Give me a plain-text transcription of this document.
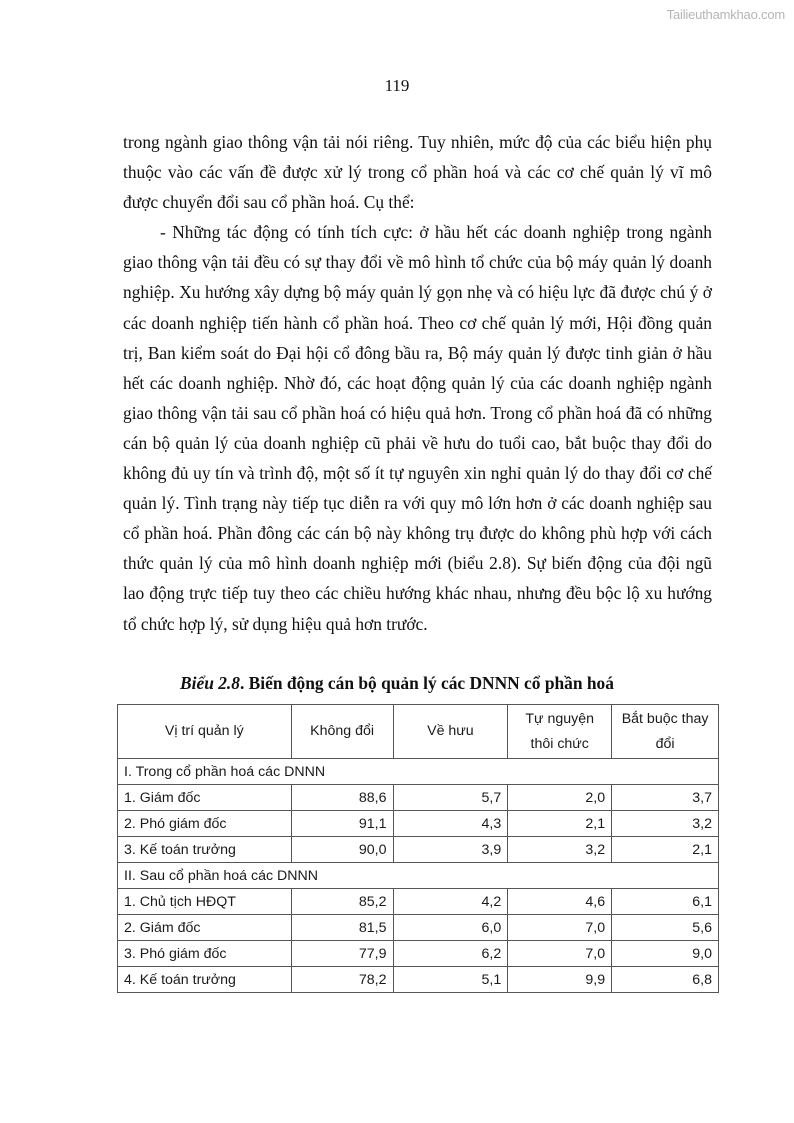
Tailieuthamkhao.com
119

trong ngành giao thông vận tải nói riêng. Tuy nhiên, mức độ của các biểu hiện phụ thuộc vào các vấn đề được xử lý trong cổ phần hoá và các cơ chế quản lý vĩ mô được chuyển đổi sau cổ phần hoá. Cụ thể:

- Những tác động có tính tích cực: ở hầu hết các doanh nghiệp trong ngành giao thông vận tải đều có sự thay đổi về mô hình tổ chức của bộ máy quản lý doanh nghiệp. Xu hướng xây dựng bộ máy quản lý gọn nhẹ và có hiệu lực đã được chú ý ở các doanh nghiệp tiến hành cổ phần hoá. Theo cơ chế quản lý mới, Hội đồng quản trị, Ban kiểm soát do Đại hội cổ đông bầu ra, Bộ máy quản lý được tinh giản ở hầu hết các doanh nghiệp. Nhờ đó, các hoạt động quản lý của các doanh nghiệp ngành giao thông vận tải sau cổ phần hoá có hiệu quả hơn. Trong cổ phần hoá đã có những cán bộ quản lý của doanh nghiệp cũ phải về hưu do tuổi cao, bắt buộc thay đổi do không đủ uy tín và trình độ, một số ít tự nguyên xin nghỉ quản lý do thay đổi cơ chế quản lý. Tình trạng này tiếp tục diễn ra với quy mô lớn hơn ở các doanh nghiệp sau cổ phần hoá. Phần đông các cán bộ này không trụ được do không phù hợp với cách thức quản lý của mô hình doanh nghiệp mới (biểu 2.8). Sự biến động của đội ngũ lao động trực tiếp tuy theo các chiều hướng khác nhau, nhưng đều bộc lộ xu hướng tổ chức hợp lý, sử dụng hiệu quả hơn trước.

Biểu 2.8. Biến động cán bộ quản lý các DNNN cổ phần hoá
Vị trí quản lý	Không đổi	Về hưu	Tự nguyện thôi chức	Bắt buộc thay đổi
I. Trong cổ phần hoá các DNNN				
1. Giám đốc	88,6	5,7	2,0	3,7
2. Phó giám đốc	91,1	4,3	2,1	3,2
3. Kế toán trưởng	90,0	3,9	3,2	2,1
II. Sau cổ phần hoá các DNNN				
1. Chủ tịch HĐQT	85,2	4,2	4,6	6,1
2. Giám đốc	81,5	6,0	7,0	5,6
3. Phó giám đốc	77,9	6,2	7,0	9,0
4. Kế toán trưởng	78,2	5,1	9,9	6,8
